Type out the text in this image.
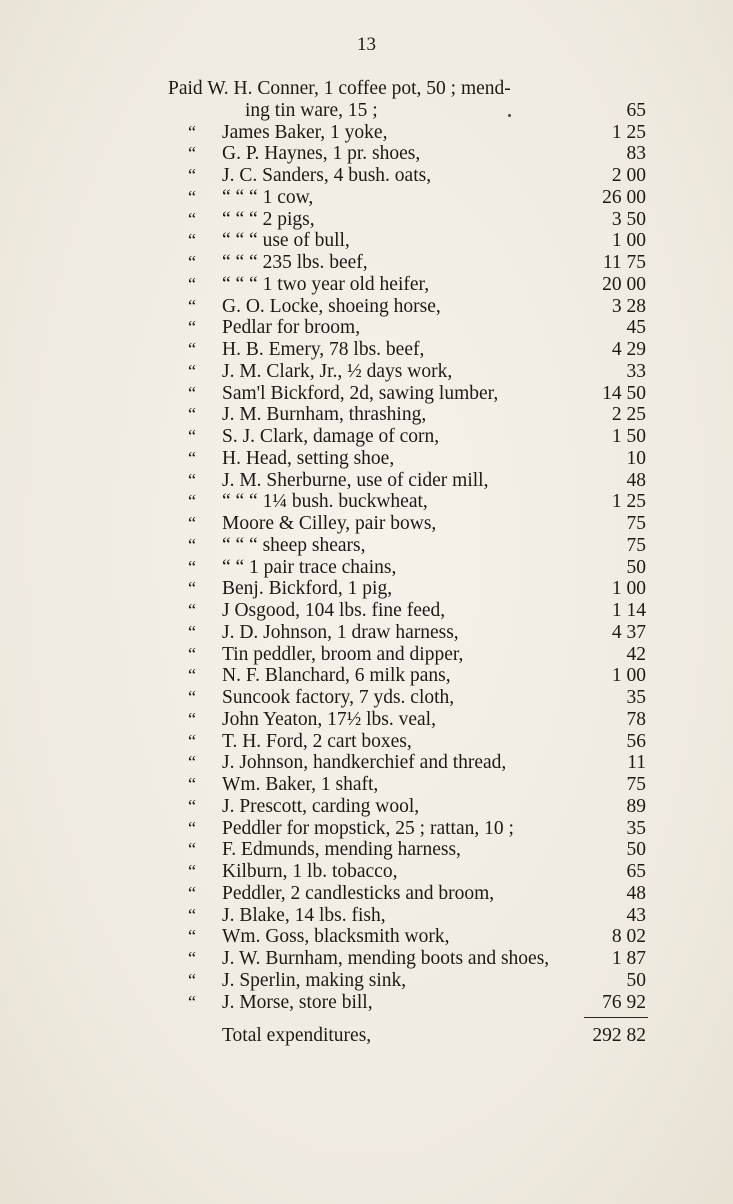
13
Paid W. H. Conner, 1 coffee pot, 50 ; mend-
ing tin ware, 15 ;	65
“ James Baker, 1 yoke,	1 25
“ G. P. Haynes, 1 pr. shoes,	83
“ J. C. Sanders, 4 bush. oats,	2 00
“ “ “ “ 1 cow,	26 00
“ “ “ “ 2 pigs,	3 50
“ “ “ “ use of bull,	1 00
“ “ “ “ 235 lbs. beef,	11 75
“ “ “ “ 1 two year old heifer,	20 00
“ G. O. Locke, shoeing horse,	3 28
“ Pedlar for broom,	45
“ H. B. Emery, 78 lbs. beef,	4 29
“ J. M. Clark, Jr., ½ days work,	33
“ Sam'l Bickford, 2d, sawing lumber,	14 50
“ J. M. Burnham, thrashing,	2 25
“ S. J. Clark, damage of corn,	1 50
“ H. Head, setting shoe,	10
“ J. M. Sherburne, use of cider mill,	48
“ “ “ “ 1¼ bush. buckwheat,	1 25
“ Moore & Cilley, pair bows,	75
“ “ “ “ sheep shears,	75
“ “ “ 1 pair trace chains,	50
“ Benj. Bickford, 1 pig,	1 00
“ J Osgood, 104 lbs. fine feed,	1 14
“ J. D. Johnson, 1 draw harness,	4 37
“ Tin peddler, broom and dipper,	42
“ N. F. Blanchard, 6 milk pans,	1 00
“ Suncook factory, 7 yds. cloth,	35
“ John Yeaton, 17½ lbs. veal,	78
“ T. H. Ford, 2 cart boxes,	56
“ J. Johnson, handkerchief and thread,	11
“ Wm. Baker, 1 shaft,	75
“ J. Prescott, carding wool,	89
“ Peddler for mopstick, 25 ; rattan, 10 ;	35
“ F. Edmunds, mending harness,	50
“ Kilburn, 1 lb. tobacco,	65
“ Peddler, 2 candlesticks and broom,	48
“ J. Blake, 14 lbs. fish,	43
“ Wm. Goss, blacksmith work,	8 02
“ J. W. Burnham, mending boots and shoes,	1 87
“ J. Sperlin, making sink,	50
“ J. Morse, store bill,	76 92
Total expenditures,	292 82
